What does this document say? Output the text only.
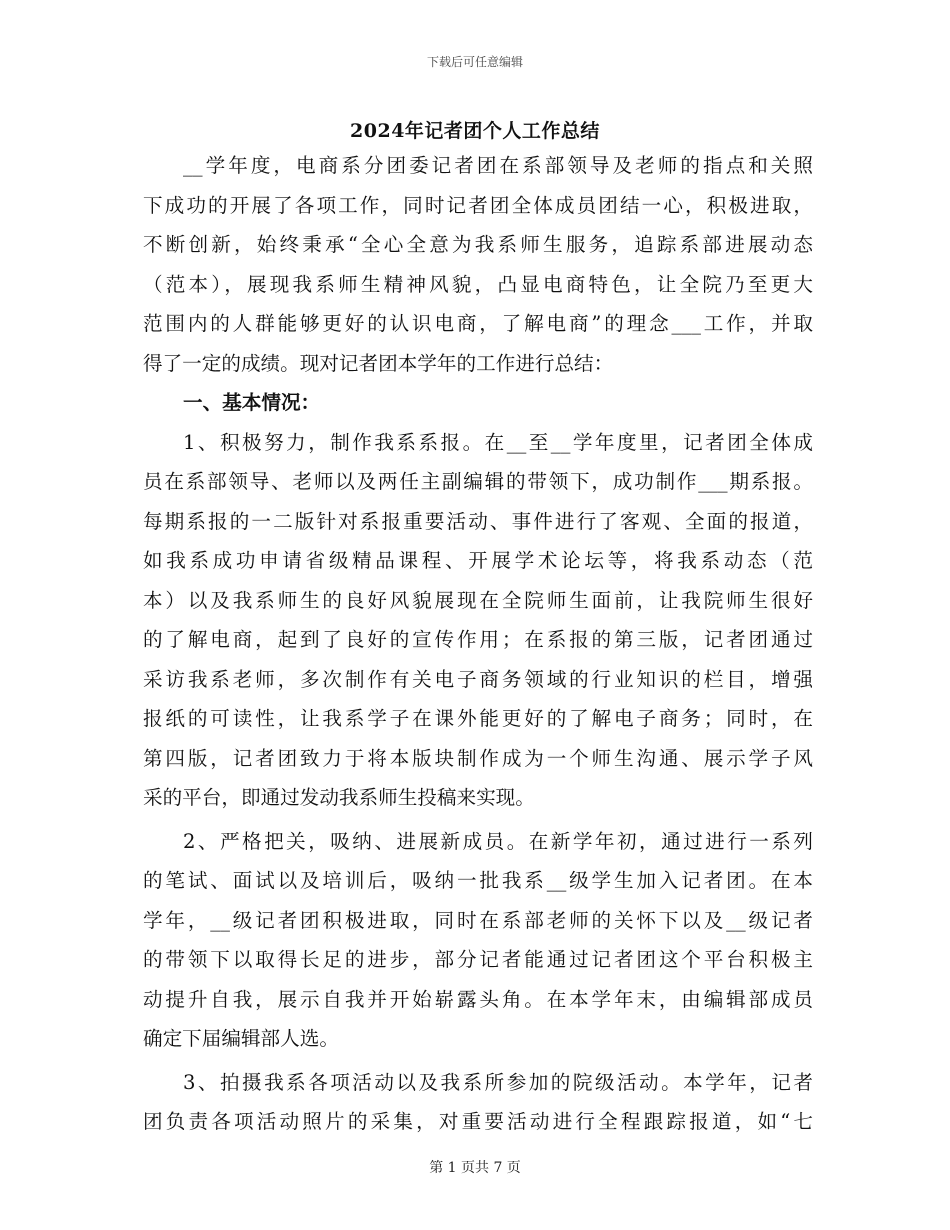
下载后可任意编辑
2024年记者团个人工作总结
__学年度，电商系分团委记者团在系部领导及老师的指点和关照
下成功的开展了各项工作，同时记者团全体成员团结一心，积极进取，
不断创新，始终秉承“全心全意为我系师生服务，追踪系部进展动态
（范本），展现我系师生精神风貌，凸显电商特色，让全院乃至更大
范围内的人群能够更好的认识电商，了解电商”的理念___工作，并取
得了一定的成绩。现对记者团本学年的工作进行总结：
一、基本情况：
1、积极努力，制作我系系报。在__至__学年度里，记者团全体成
员在系部领导、老师以及两任主副编辑的带领下，成功制作___期系报。
每期系报的一二版针对系报重要活动、事件进行了客观、全面的报道，
如我系成功申请省级精品课程、开展学术论坛等，将我系动态（范
本）以及我系师生的良好风貌展现在全院师生面前，让我院师生很好
的了解电商，起到了良好的宣传作用；在系报的第三版，记者团通过
采访我系老师，多次制作有关电子商务领域的行业知识的栏目，增强
报纸的可读性，让我系学子在课外能更好的了解电子商务；同时，在
第四版，记者团致力于将本版块制作成为一个师生沟通、展示学子风
采的平台，即通过发动我系师生投稿来实现。
2、严格把关，吸纳、进展新成员。在新学年初，通过进行一系列
的笔试、面试以及培训后，吸纳一批我系__级学生加入记者团。在本
学年，__级记者团积极进取，同时在系部老师的关怀下以及__级记者
的带领下以取得长足的进步，部分记者能通过记者团这个平台积极主
动提升自我，展示自我并开始崭露头角。在本学年末，由编辑部成员
确定下届编辑部人选。
3、拍摄我系各项活动以及我系所参加的院级活动。本学年，记者
团负责各项活动照片的采集，对重要活动进行全程跟踪报道，如“七
第 1 页共 7 页
